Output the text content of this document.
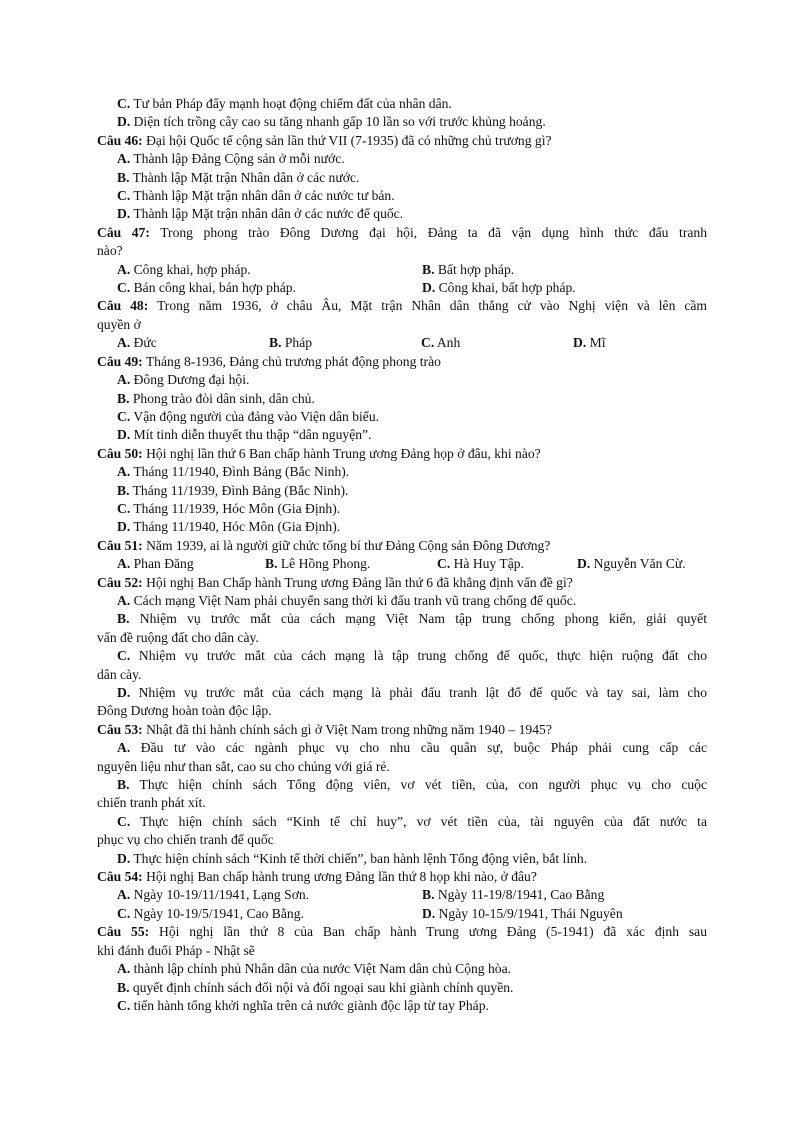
C. Tư bản Pháp đẩy mạnh hoạt động chiếm đất của nhân dân.
D. Diện tích trồng cây cao su tăng nhanh gấp 10 lần so với trước khủng hoảng.
Câu 46: Đại hội Quốc tế cộng sản lần thứ VII (7-1935) đã có những chủ trương gì?
A. Thành lập Đảng Cộng sản ở mỗi nước.
B. Thành lập Mặt trận Nhân dân ở các nước.
C. Thành lập Mặt trận nhân dân ở các nước tư bản.
D. Thành lập Mặt trận nhân dân ở các nước đế quốc.
Câu 47: Trong phong trào Đông Dương đại hội, Đảng ta đã vận dụng hình thức đấu tranh
nào?
A. Công khai, hợp pháp.	B. Bất hợp pháp.
C. Bán công khai, bán hợp pháp.	D. Công khai, bất hợp pháp.
Câu 48: Trong năm 1936, ở châu Âu, Mặt trận Nhân dân thắng cử vào Nghị viện và lên cầm
quyền ở
A. Đức	B. Pháp	C. Anh	D. Mĩ
Câu 49: Tháng 8-1936, Đảng chủ trương phát động phong trào
A. Đông Dương đại hội.
B. Phong trào đòi dân sinh, dân chủ.
C. Vận động người của đảng vào Viện dân biểu.
D. Mít tinh diễn thuyết thu thập “dân nguyện”.
Câu 50: Hội nghị lần thứ 6 Ban chấp hành Trung ương Đảng họp ở đâu, khi nào?
A. Tháng 11/1940, Đình Bảng (Bắc Ninh).
B. Tháng 11/1939, Đình Bảng (Bắc Ninh).
C. Tháng 11/1939, Hóc Môn (Gia Định).
D. Tháng 11/1940, Hóc Môn (Gia Định).
Câu 51: Năm 1939, ai là người giữ chức tổng bí thư Đảng Cộng sản Đông Dương?
A. Phan Đăng	B. Lê Hồng Phong.	C. Hà Huy Tập.	D. Nguyễn Văn Cừ.
Câu 52: Hội nghị Ban Chấp hành Trung ương Đảng lần thứ 6 đã khẳng định vấn đề gì?
A. Cách mạng Việt Nam phải chuyển sang thời kì đấu tranh vũ trang chống đế quốc.
B. Nhiệm vụ trước mắt của cách mạng Việt Nam tập trung chống phong kiến, giải quyết
vấn đề ruộng đất cho dân cày.
C. Nhiệm vụ trước mắt của cách mạng là tập trung chống đế quốc, thực hiện ruộng đất cho
dân cày.
D. Nhiệm vụ trước mắt của cách mạng là phải đấu tranh lật đổ đế quốc và tay sai, làm cho
Đông Dương hoàn toàn độc lập.
Câu 53: Nhật đã thi hành chính sách gì ở Việt Nam trong những năm 1940 – 1945?
A. Đầu tư vào các ngành phục vụ cho nhu cầu quân sự, buộc Pháp phải cung cấp các
nguyên liệu như than sắt, cao su cho chúng với giá rẻ.
B. Thực hiện chính sách Tổng động viên, vơ vét tiền, của, con người phục vụ cho cuộc
chiến tranh phát xít.
C. Thực hiện chính sách “Kinh tế chỉ huy”, vơ vét tiền của, tài nguyên của đất nước ta
phục vụ cho chiến tranh đế quốc
D. Thực hiện chính sách “Kinh tế thời chiến”, ban hành lệnh Tổng động viên, bắt lính.
Câu 54: Hội nghị Ban chấp hành trung ương Đảng lần thứ 8 họp khi nào, ở đâu?
A. Ngày 10-19/11/1941, Lạng Sơn.	B. Ngày 11-19/8/1941, Cao Bằng
C. Ngày 10-19/5/1941, Cao Bằng.	D. Ngày 10-15/9/1941, Thái Nguyên
Câu 55: Hội nghị lần thứ 8 của Ban chấp hành Trung ương Đảng (5-1941) đã xác định sau
khi đánh đuổi Pháp - Nhật sẽ
A. thành lập chính phủ Nhân dân của nước Việt Nam dân chủ Cộng hòa.
B. quyết định chính sách đối nội và đối ngoại sau khi giành chính quyền.
C. tiến hành tổng khởi nghĩa trên cả nước giành độc lập từ tay Pháp.
